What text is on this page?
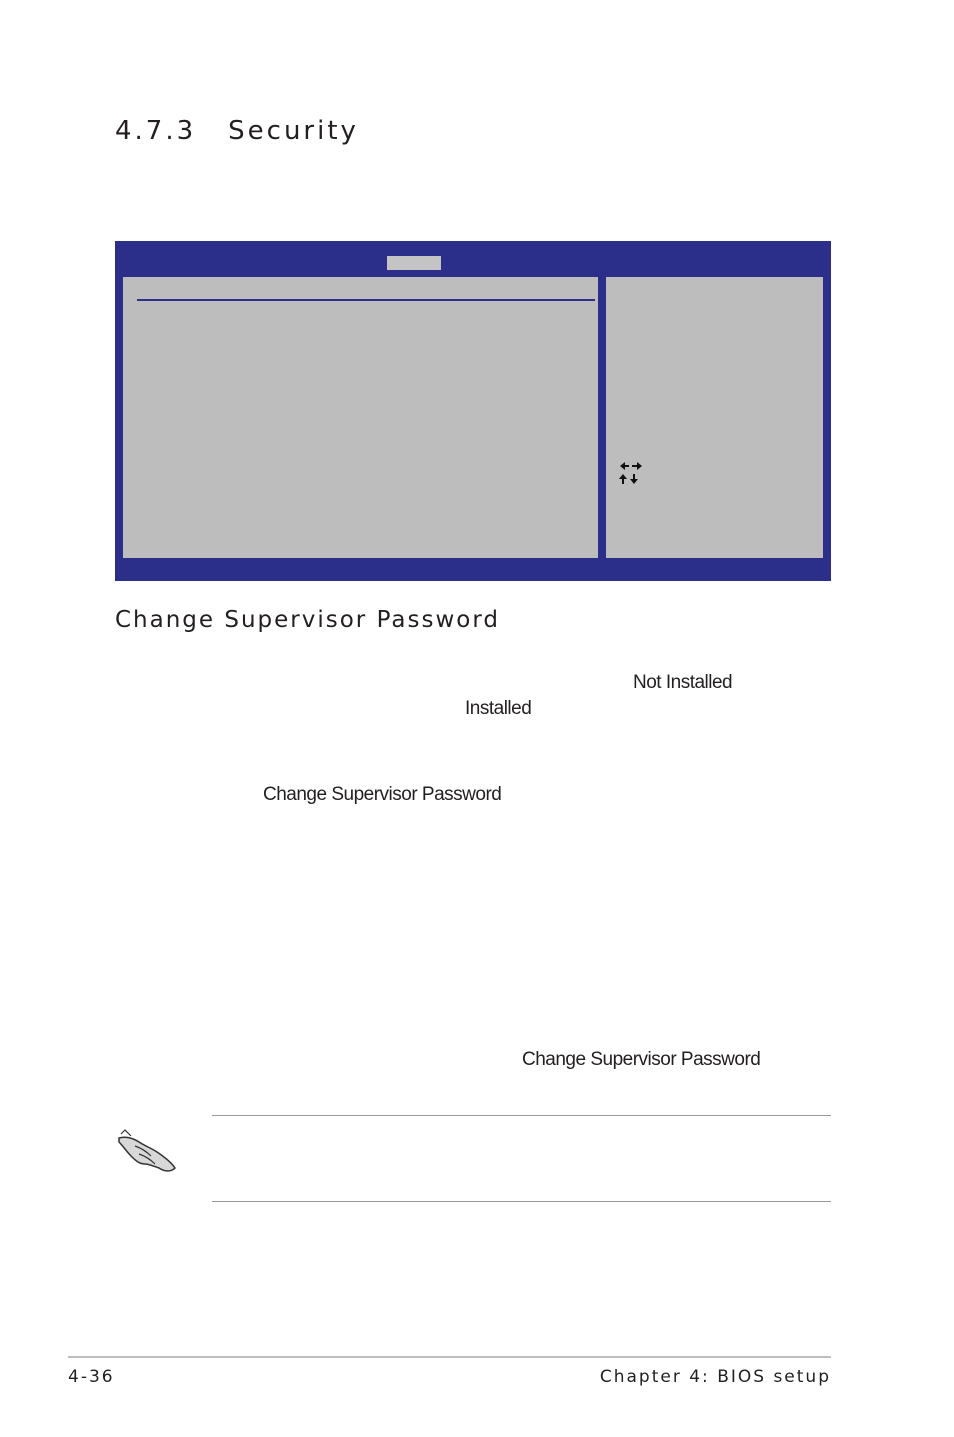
4.7.3 Security
Change Supervisor Password
Not Installed
Installed
Change Supervisor Password
Change Supervisor Password
4-36	Chapter 4: BIOS setup
